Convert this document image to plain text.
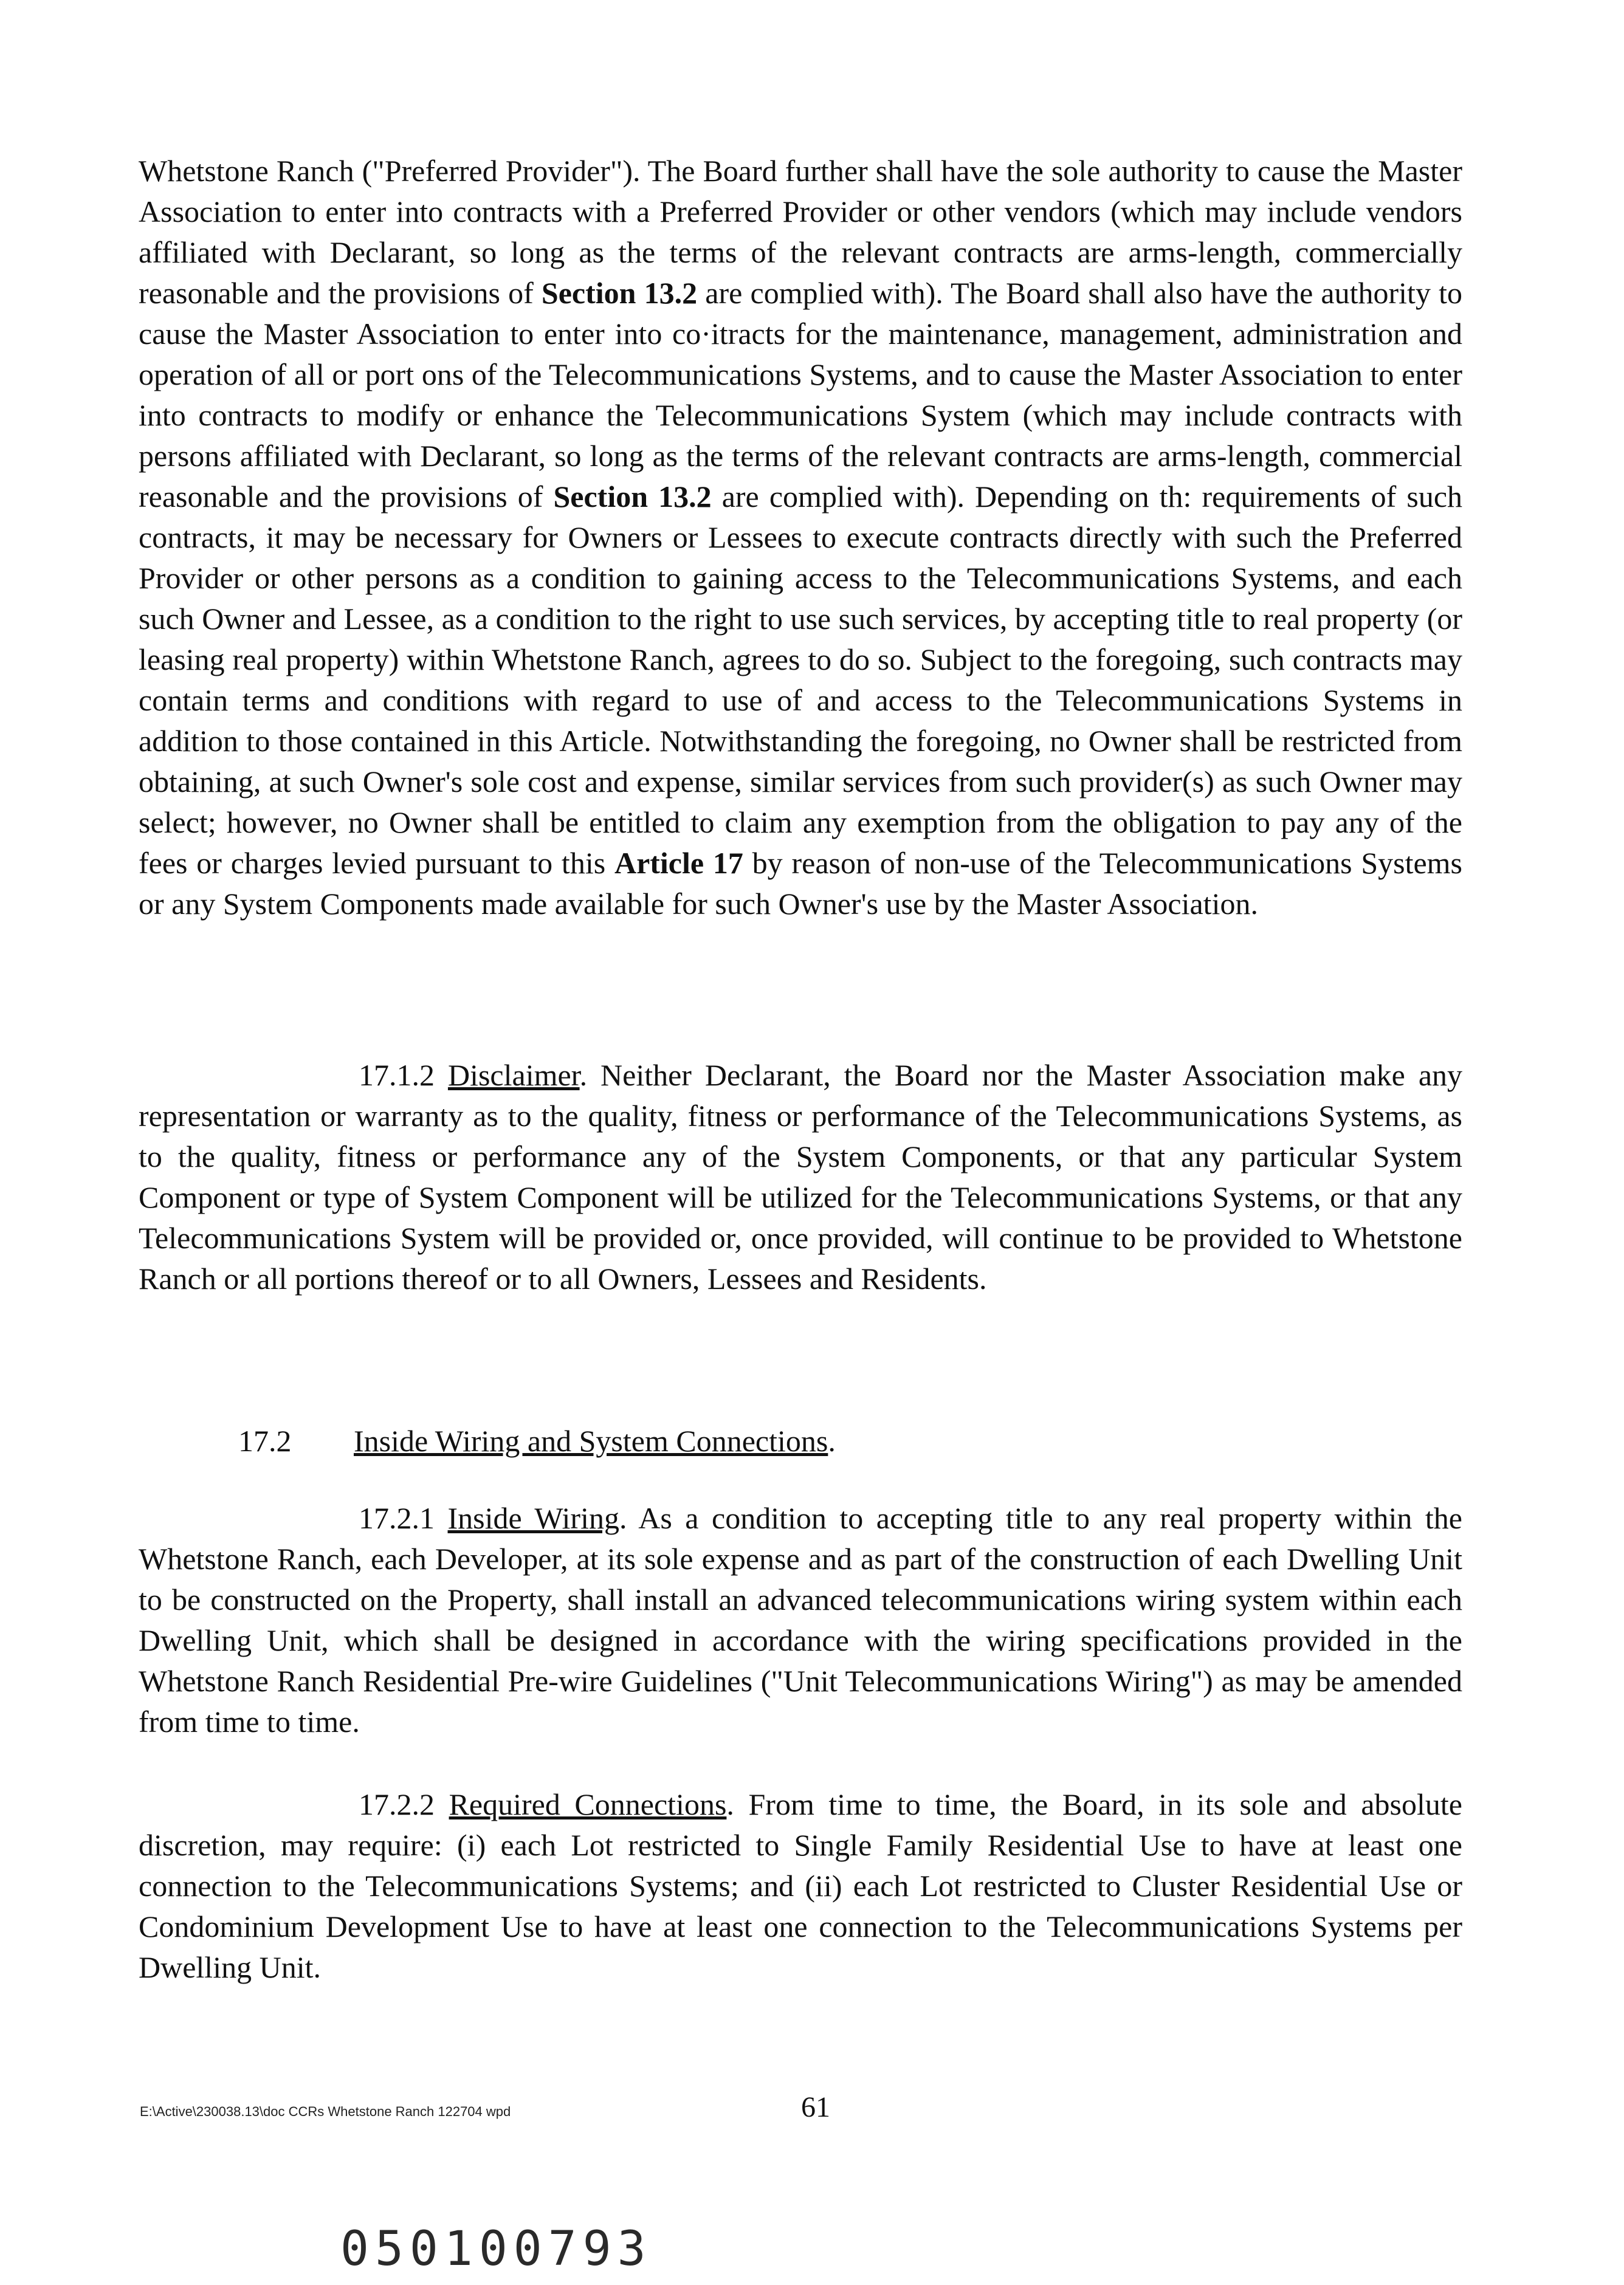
Whetstone Ranch ("Preferred Provider"). The Board further shall have the sole authority to cause the Master Association to enter into contracts with a Preferred Provider or other vendors (which may include vendors affiliated with Declarant, so long as the terms of the relevant contracts are arms-length, commercially reasonable and the provisions of Section 13.2 are complied with). The Board shall also have the authority to cause the Master Association to enter into co·itracts for the maintenance, management, administration and operation of all or port ons of the Telecommunications Systems, and to cause the Master Association to enter into contracts to modify or enhance the Telecommunications System (which may include contracts with persons affiliated with Declarant, so long as the terms of the relevant contracts are arms-length, commercial reasonable and the provisions of Section 13.2 are complied with). Depending on th: requirements of such contracts, it may be necessary for Owners or Lessees to execute contracts directly with such the Preferred Provider or other persons as a condition to gaining access to the Telecommunications Systems, and each such Owner and Lessee, as a condition to the right to use such services, by accepting title to real property (or leasing real property) within Whetstone Ranch, agrees to do so. Subject to the foregoing, such contracts may contain terms and conditions with regard to use of and access to the Telecommunications Systems in addition to those contained in this Article. Notwithstanding the foregoing, no Owner shall be restricted from obtaining, at such Owner's sole cost and expense, similar services from such provider(s) as such Owner may select; however, no Owner shall be entitled to claim any exemption from the obligation to pay any of the fees or charges levied pursuant to this Article 17 by reason of non-use of the Telecommunications Systems or any System Components made available for such Owner's use by the Master Association.

17.1.2 Disclaimer. Neither Declarant, the Board nor the Master Association make any representation or warranty as to the quality, fitness or performance of the Telecommunications Systems, as to the quality, fitness or performance any of the System Components, or that any particular System Component or type of System Component will be utilized for the Telecommunications Systems, or that any Telecommunications System will be provided or, once provided, will continue to be provided to Whetstone Ranch or all portions thereof or to all Owners, Lessees and Residents.

17.2 Inside Wiring and System Connections.

17.2.1 Inside Wiring. As a condition to accepting title to any real property within the Whetstone Ranch, each Developer, at its sole expense and as part of the construction of each Dwelling Unit to be constructed on the Property, shall install an advanced telecommunications wiring system within each Dwelling Unit, which shall be designed in accordance with the wiring specifications provided in the Whetstone Ranch Residential Pre-wire Guidelines ("Unit Telecommunications Wiring") as may be amended from time to time.

17.2.2 Required Connections. From time to time, the Board, in its sole and absolute discretion, may require: (i) each Lot restricted to Single Family Residential Use to have at least one connection to the Telecommunications Systems; and (ii) each Lot restricted to Cluster Residential Use or Condominium Development Use to have at least one connection to the Telecommunications Systems per Dwelling Unit.

E:\Active\230038.13\doc CCRs Whetstone Ranch 122704 wpd	61
050100793
